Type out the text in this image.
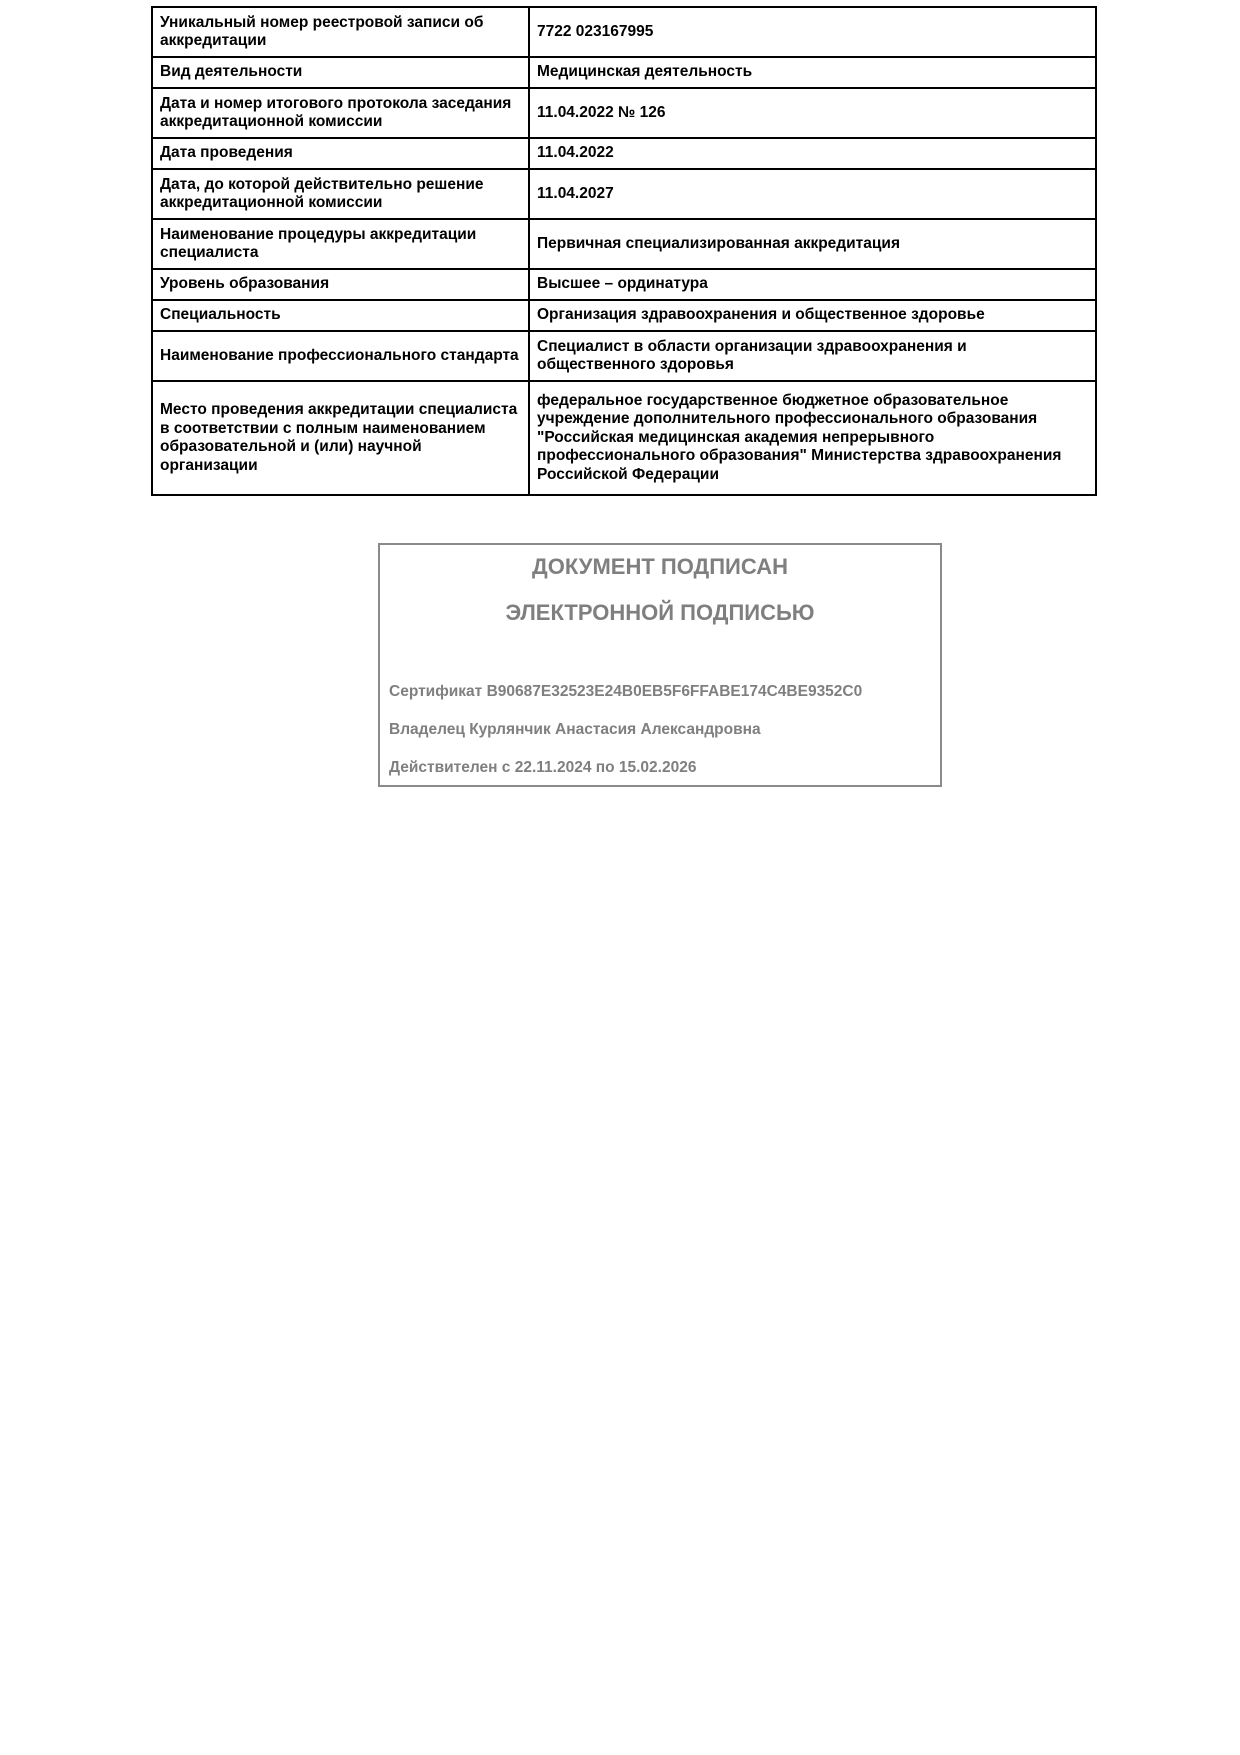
Уникальный номер реестровой записи об аккредитации	7722 023167995
Вид деятельности	Медицинская деятельность
Дата и номер итогового протокола заседания аккредитационной комиссии	11.04.2022 № 126
Дата проведения	11.04.2022
Дата, до которой действительно решение аккредитационной комиссии	11.04.2027
Наименование процедуры аккредитации специалиста	Первичная специализированная аккредитация
Уровень образования	Высшее – ординатура
Специальность	Организация здравоохранения и общественное здоровье
Наименование профессионального стандарта	Специалист в области организации здравоохранения и общественного здоровья
Место проведения аккредитации специалиста в соответствии с полным наименованием образовательной и (или) научной организации	федеральное государственное бюджетное образовательное учреждение дополнительного профессионального образования "Российская медицинская академия непрерывного профессионального образования" Министерства здравоохранения Российской Федерации
ДОКУМЕНТ ПОДПИСАН
ЭЛЕКТРОННОЙ ПОДПИСЬЮ
Сертификат B90687E32523E24B0EB5F6FFABE174C4BE9352C0
Владелец Курлянчик Анастасия Александровна
Действителен с 22.11.2024 по 15.02.2026
